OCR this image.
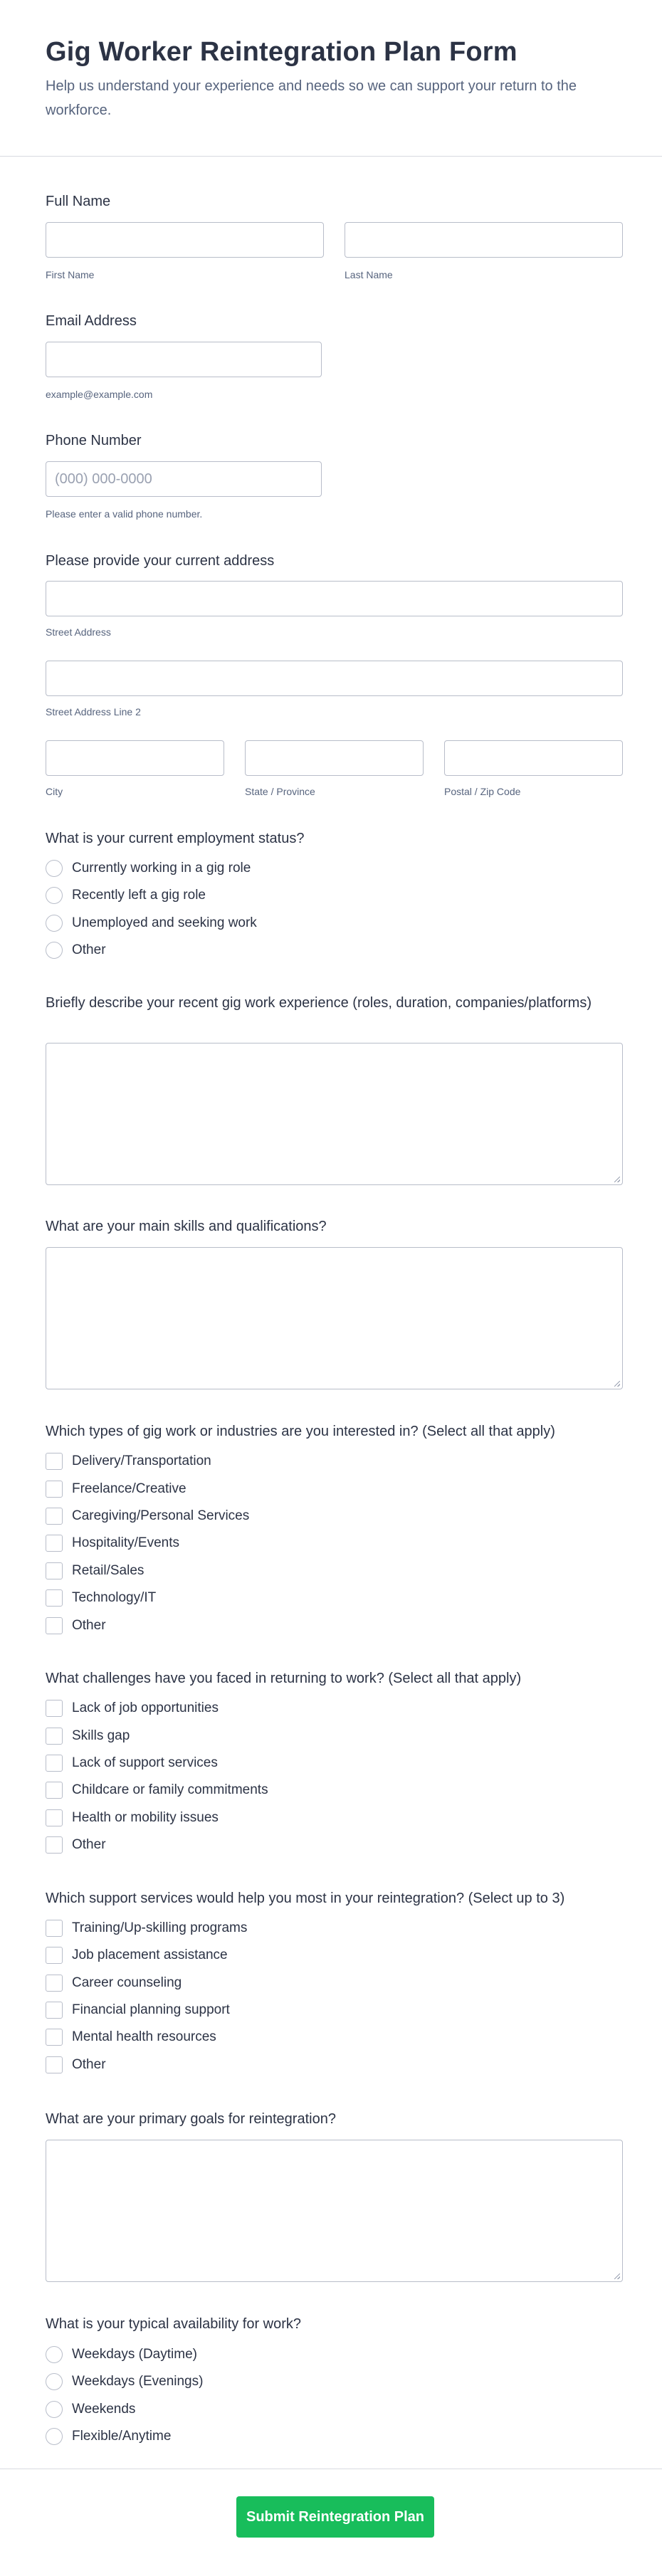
Gig Worker Reintegration Plan Form

Help us understand your experience and needs so we can support your return to the workforce.

Full Name
First Name	Last Name
Email Address
example@example.com
Phone Number
(000) 000-0000
Please enter a valid phone number.
Please provide your current address
Street Address
Street Address Line 2
City	State / Province	Postal / Zip Code
What is your current employment status?
Currently working in a gig role
Recently left a gig role
Unemployed and seeking work
Other
Briefly describe your recent gig work experience (roles, duration, companies/platforms)
What are your main skills and qualifications?
Which types of gig work or industries are you interested in? (Select all that apply)
Delivery/Transportation
Freelance/Creative
Caregiving/Personal Services
Hospitality/Events
Retail/Sales
Technology/IT
Other
What challenges have you faced in returning to work? (Select all that apply)
Lack of job opportunities
Skills gap
Lack of support services
Childcare or family commitments
Health or mobility issues
Other
Which support services would help you most in your reintegration? (Select up to 3)
Training/Up-skilling programs
Job placement assistance
Career counseling
Financial planning support
Mental health resources
Other
What are your primary goals for reintegration?
What is your typical availability for work?
Weekdays (Daytime)
Weekdays (Evenings)
Weekends
Flexible/Anytime
Submit Reintegration Plan
